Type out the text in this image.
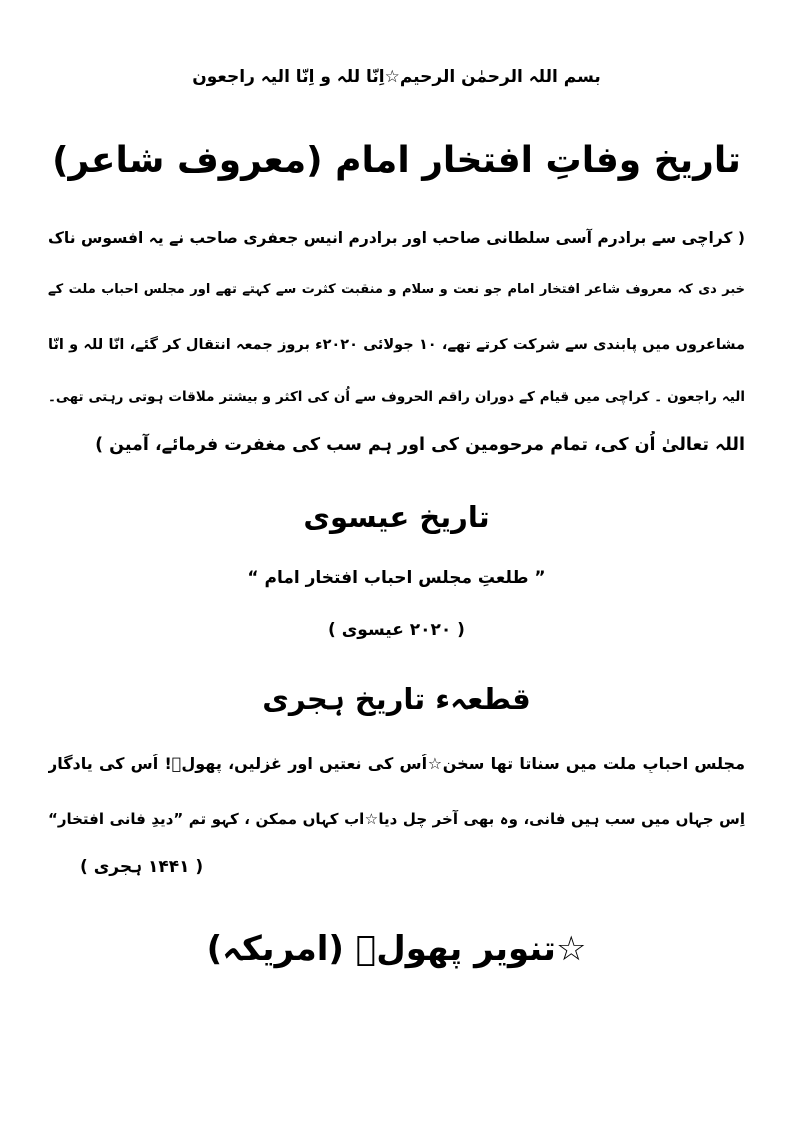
بسم اللہ الرحمٰن الرحیم☆اِنّا للہ و اِنّا الیہ راجعون
تاریخِ وفاتِ افتخار امام (معروف شاعر)
( کراچی سے برادرم آسی سلطانی صاحب اور برادرم انیس جعفری صاحب نے یہ افسوس ناک
خبر دی کہ معروف شاعر افتخار امام جو نعت و سلام و منقبت کثرت سے کہتے تھے اور مجلس احباب ملت کے
مشاعروں میں پابندی سے شرکت کرتے تھے، ۱۰ جولائی ۲۰۲۰ء بروز جمعہ انتقال کر گئے، انّا للہ و انّا
الیہ راجعون ۔ کراچی میں قیام کے دوران راقم الحروف سے اُن کی اکثر و بیشتر ملاقات ہوتی رہتی تھی۔
اللہ تعالیٰ اُن کی، تمام مرحومین کی اور ہم سب کی مغفرت فرمائے، آمین )
تاریخ عیسوی
” طلعتِ مجلسِ احباب افتخار امام “
( ۲۰۲۰ عیسوی )
قطعہء تاریخ ہجری
مجلسِ احبابِ ملت میں سناتا تھا سخن☆اُس کی نعتیں اور غزلیں، پھولؔ! اُس کی یادگار
اِس جہاں میں سب ہیں فانی، وہ بھی آخر چل دیا☆اب کہاں ممکن ، کہو تم ”دیدِ فانی افتخار“
( ۱۴۴۱ ہجری )
☆تنویر پھولؔ (امریکہ)
